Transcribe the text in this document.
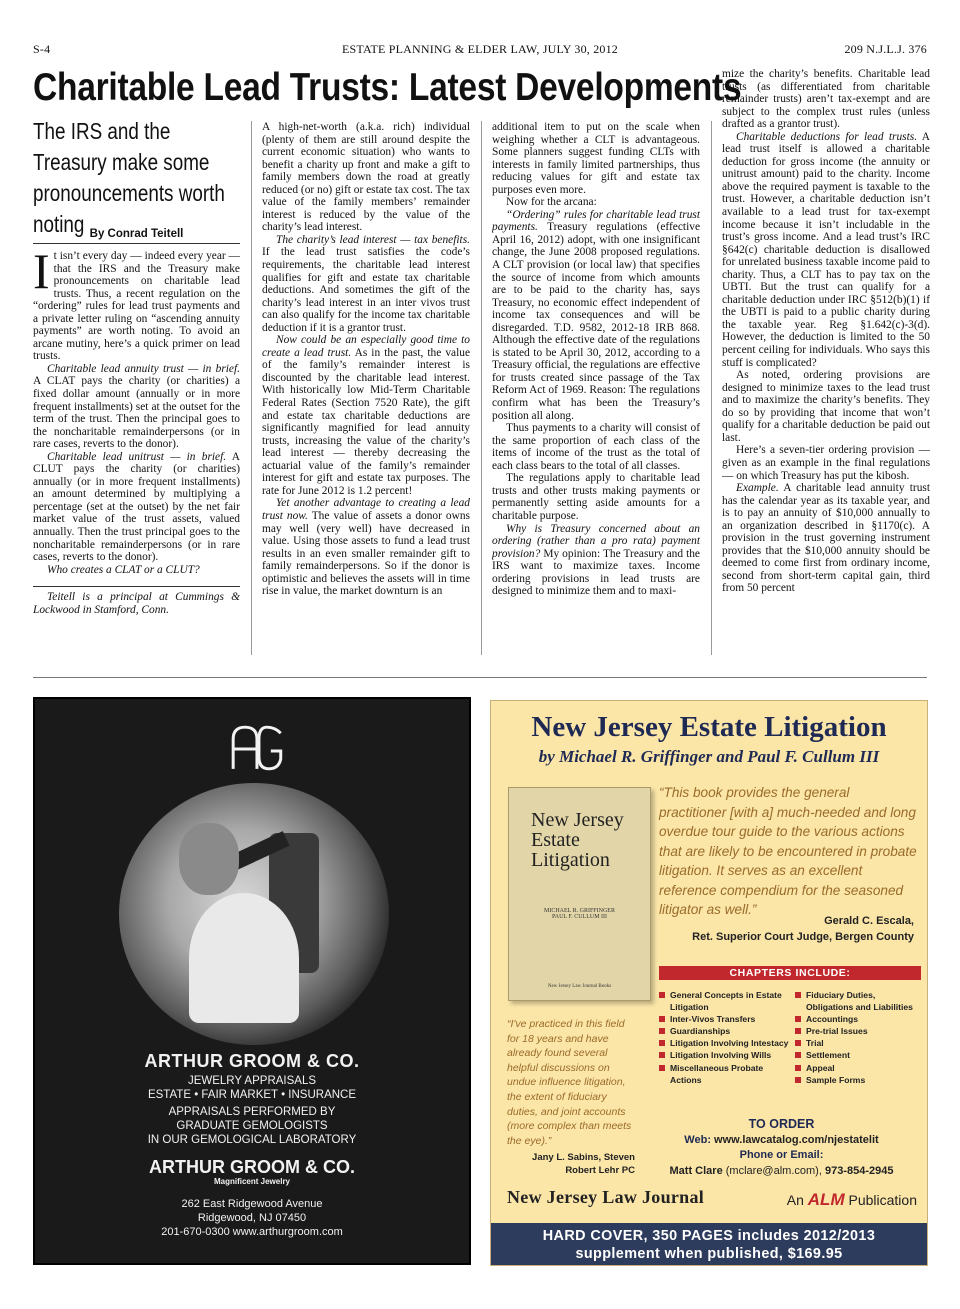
ESTATE PLANNING & ELDER LAW, JULY 30, 2012
S-4	209 N.J.L.J. 376
Charitable Lead Trusts: Latest Developments
The IRS and the Treasury make some pronouncements worth noting By Conrad Teitell

It isn’t every day — indeed every year — that the IRS and the Treasury make pronouncements on charitable lead trusts. Thus, a recent regulation on the “ordering” rules for lead trust payments and a private letter ruling on “ascending annuity payments” are worth noting. To avoid an arcane mutiny, here’s a quick primer on lead trusts.

Charitable lead annuity trust — in brief. A CLAT pays the charity (or charities) a fixed dollar amount (annually or in more frequent installments) set at the outset for the term of the trust. Then the principal goes to the noncharitable remainderpersons (or in rare cases, reverts to the donor).

Charitable lead unitrust — in brief. A CLUT pays the charity (or charities) annually (or in more frequent installments) an amount determined by multiplying a percentage (set at the outset) by the net fair market value of the trust assets, valued annually. Then the trust principal goes to the noncharitable remainderpersons (or in rare cases, reverts to the donor).

Who creates a CLAT or a CLUT?

Teitell is a principal at Cummings & Lockwood in Stamford, Conn.

A high-net-worth (a.k.a. rich) individual (plenty of them are still around despite the current economic situation) who wants to benefit a charity up front and make a gift to family members down the road at greatly reduced (or no) gift or estate tax cost. The tax value of the family members’ remainder interest is reduced by the value of the charity’s lead interest.

The charity’s lead interest — tax benefits. If the lead trust satisfies the code’s requirements, the charitable lead interest qualifies for gift and estate tax charitable deductions. And sometimes the gift of the charity’s lead interest in an inter vivos trust can also qualify for the income tax charitable deduction if it is a grantor trust.

Now could be an especially good time to create a lead trust. As in the past, the value of the family’s remainder interest is discounted by the charitable lead interest. With historically low Mid-Term Charitable Federal Rates (Section 7520 Rate), the gift and estate tax charitable deductions are significantly magnified for lead annuity trusts, increasing the value of the charity’s lead interest — thereby decreasing the actuarial value of the family’s remainder interest for gift and estate tax purposes. The rate for June 2012 is 1.2 percent!

Yet another advantage to creating a lead trust now. The value of assets a donor owns may well (very well) have decreased in value. Using those assets to fund a lead trust results in an even smaller remainder gift to family remainderpersons. So if the donor is optimistic and believes the assets will in time rise in value, the market downturn is an

additional item to put on the scale when weighing whether a CLT is advantageous. Some planners suggest funding CLTs with interests in family limited partnerships, thus reducing values for gift and estate tax purposes even more.

Now for the arcana:

“Ordering” rules for charitable lead trust payments. Treasury regulations (effective April 16, 2012) adopt, with one insignificant change, the June 2008 proposed regulations. A CLT provision (or local law) that specifies the source of income from which amounts are to be paid to the charity has, says Treasury, no economic effect independent of income tax consequences and will be disregarded. T.D. 9582, 2012-18 IRB 868. Although the effective date of the regulations is stated to be April 30, 2012, according to a Treasury official, the regulations are effective for trusts created since passage of the Tax Reform Act of 1969. Reason: The regulations confirm what has been the Treasury’s position all along.

Thus payments to a charity will consist of the same proportion of each class of the items of income of the trust as the total of each class bears to the total of all classes.

The regulations apply to charitable lead trusts and other trusts making payments or permanently setting aside amounts for a charitable purpose.

Why is Treasury concerned about an ordering (rather than a pro rata) payment provision? My opinion: The Treasury and the IRS want to maximize taxes. Income ordering provisions in lead trusts are designed to minimize them and to maxi-

mize the charity’s benefits. Charitable lead trusts (as differentiated from charitable remainder trusts) aren’t tax-exempt and are subject to the complex trust rules (unless drafted as a grantor trust).

Charitable deductions for lead trusts. A lead trust itself is allowed a charitable deduction for gross income (the annuity or unitrust amount) paid to the charity. Income above the required payment is taxable to the trust. However, a charitable deduction isn’t available to a lead trust for tax-exempt income because it isn’t includable in the trust’s gross income. And a lead trust’s IRC §642(c) charitable deduction is disallowed for unrelated business taxable income paid to charity. Thus, a CLT has to pay tax on the UBTI. But the trust can qualify for a charitable deduction under IRC §512(b)(1) if the UBTI is paid to a public charity during the taxable year. Reg §1.642(c)-3(d). However, the deduction is limited to the 50 percent ceiling for individuals. Who says this stuff is complicated?

As noted, ordering provisions are designed to minimize taxes to the lead trust and to maximize the charity’s benefits. They do so by providing that income that won’t qualify for a charitable deduction be paid out last.

Here’s a seven-tier ordering provision — given as an example in the final regulations — on which Treasury has put the kibosh.

Example. A charitable lead annuity trust has the calendar year as its taxable year, and is to pay an annuity of $10,000 annually to an organization described in §1170(c). A provision in the trust governing instrument provides that the $10,000 annuity should be deemed to come first from ordinary income, second from short-term capital gain, third from 50 percent

ARTHUR GROOM & CO.
JEWELRY APPRAISALS
ESTATE • FAIR MARKET • INSURANCE
APPRAISALS PERFORMED BY
GRADUATE GEMOLOGISTS
IN OUR GEMOLOGICAL LABORATORY
ARTHUR GROOM & CO.
Magnificent Jewelry
262 East Ridgewood Avenue
Ridgewood, NJ 07450
201-670-0300 www.arthurgroom.com
New Jersey Estate Litigation
by Michael R. Griffinger and Paul F. Cullum III
New Jersey Estate Litigation
MICHAEL R. GRIFFINGER
PAUL F. CULLUM III
New Jersey Law Journal Books
“This book provides the general practitioner [with a] much-needed and long overdue tour guide to the various actions that are likely to be encountered in probate litigation. It serves as an excellent reference compendium for the seasoned litigator as well.”
Gerald C. Escala,
Ret. Superior Court Judge, Bergen County
CHAPTERS INCLUDE:
General Concepts in Estate Litigation
Inter-Vivos Transfers
Guardianships
Litigation Involving Intestacy
Litigation Involving Wills
Miscellaneous Probate Actions
Fiduciary Duties, Obligations and Liabilities
Accountings
Pre-trial Issues
Trial
Settlement
Appeal
Sample Forms
“I've practiced in this field for 18 years and have already found several helpful discussions on undue influence litigation, the extent of fiduciary duties, and joint accounts (more complex than meets the eye).”
Jany L. Sabins, Steven
Robert Lehr PC
TO ORDER
Web: www.lawcatalog.com/njestatelit
Phone or Email:
Matt Clare (mclare@alm.com), 973-854-2945
New Jersey Law Journal	An ALM Publication
HARD COVER, 350 PAGES includes 2012/2013
supplement when published, $169.95
